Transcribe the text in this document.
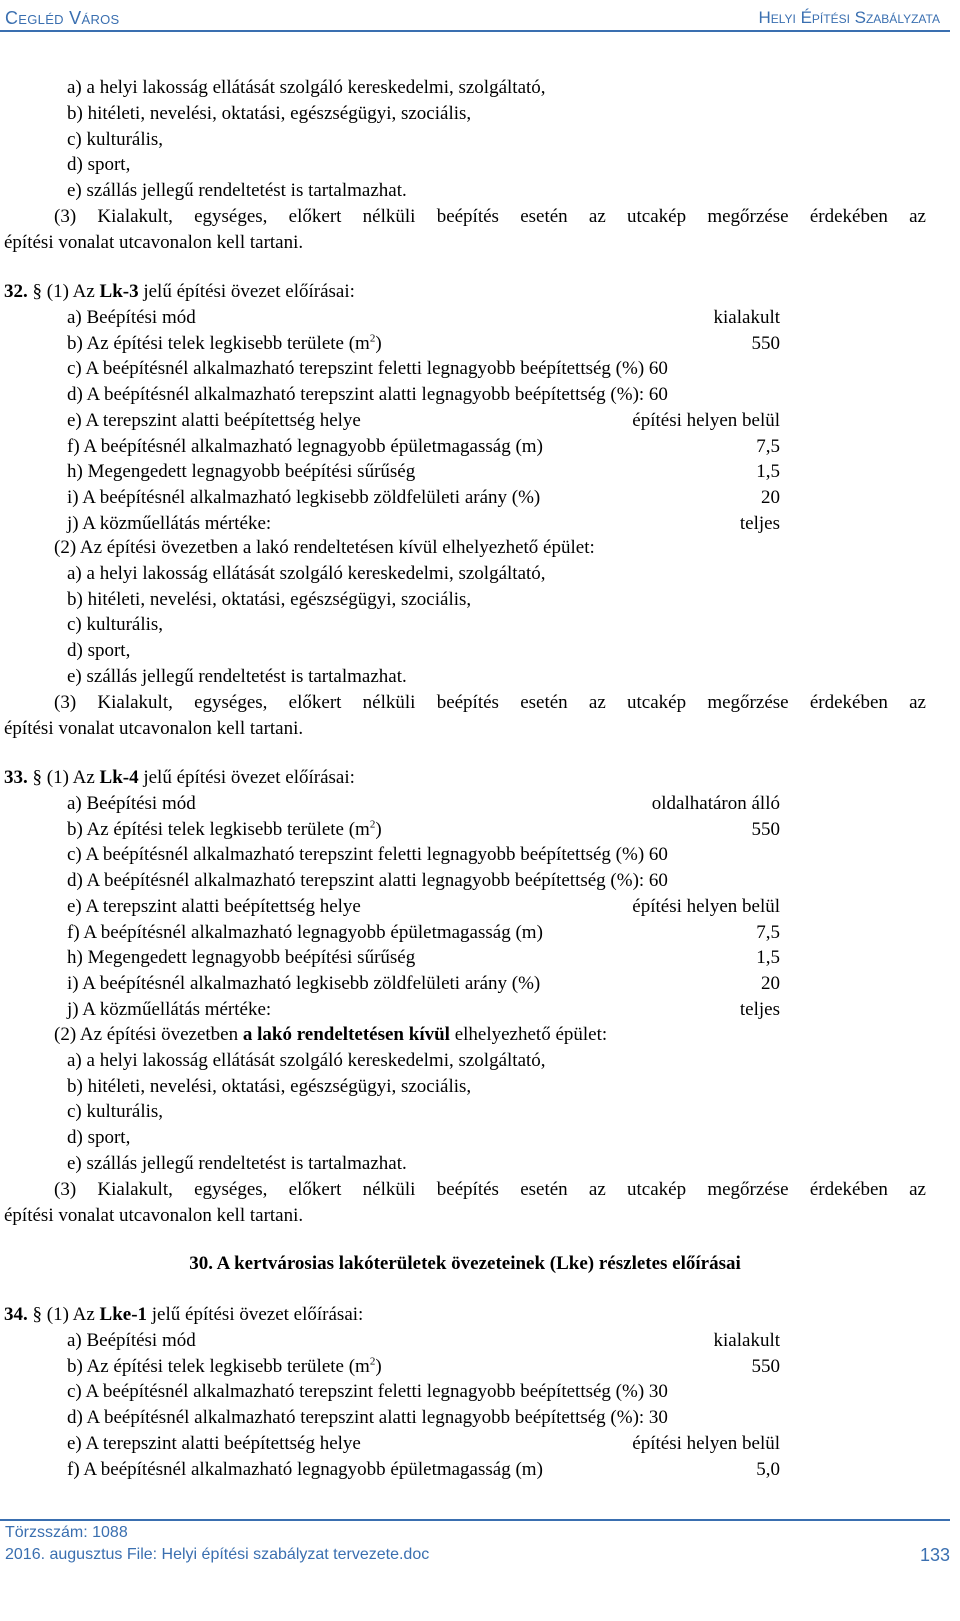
Cegléd Város	Helyi Építési Szabályzata
a) a helyi lakosság ellátását szolgáló kereskedelmi, szolgáltató,
b) hitéleti, nevelési, oktatási, egészségügyi, szociális,
c) kulturális,
d) sport,
e) szállás jellegű rendeltetést is tartalmazhat.
(3) Kialakult, egységes, előkert nélküli beépítés esetén az utcakép megőrzése érdekében az
építési vonalat utcavonalon kell tartani.
32. § (1) Az Lk-3 jelű építési övezet előírásai:
a) Beépítési mód	kialakult
b) Az építési telek legkisebb területe $(m^2)$	550
c) A beépítésnél alkalmazható terepszint feletti legnagyobb beépítettség (%) 60
d) A beépítésnél alkalmazható terepszint alatti legnagyobb beépítettség (%): 60
e) A terepszint alatti beépítettség helye	építési helyen belül
f) A beépítésnél alkalmazható legnagyobb épületmagasság (m)	7,5
h) Megengedett legnagyobb beépítési sűrűség	1,5
i) A beépítésnél alkalmazható legkisebb zöldfelületi arány (%)	20
j) A közműellátás mértéke:	teljes
(2) Az építési övezetben a lakó rendeltetésen kívül elhelyezhető épület:
a) a helyi lakosság ellátását szolgáló kereskedelmi, szolgáltató,
b) hitéleti, nevelési, oktatási, egészségügyi, szociális,
c) kulturális,
d) sport,
e) szállás jellegű rendeltetést is tartalmazhat.
(3) Kialakult, egységes, előkert nélküli beépítés esetén az utcakép megőrzése érdekében az
építési vonalat utcavonalon kell tartani.
33. § (1) Az Lk-4 jelű építési övezet előírásai:
a) Beépítési mód	oldalhatáron álló
b) Az építési telek legkisebb területe $(m^2)$	550
c) A beépítésnél alkalmazható terepszint feletti legnagyobb beépítettség (%) 60
d) A beépítésnél alkalmazható terepszint alatti legnagyobb beépítettség (%): 60
e) A terepszint alatti beépítettség helye	építési helyen belül
f) A beépítésnél alkalmazható legnagyobb épületmagasság (m)	7,5
h) Megengedett legnagyobb beépítési sűrűség	1,5
i) A beépítésnél alkalmazható legkisebb zöldfelületi arány (%)	20
j) A közműellátás mértéke:	teljes
(2) Az építési övezetben a lakó rendeltetésen kívül elhelyezhető épület:
a) a helyi lakosság ellátását szolgáló kereskedelmi, szolgáltató,
b) hitéleti, nevelési, oktatási, egészségügyi, szociális,
c) kulturális,
d) sport,
e) szállás jellegű rendeltetést is tartalmazhat.
(3) Kialakult, egységes, előkert nélküli beépítés esetén az utcakép megőrzése érdekében az
építési vonalat utcavonalon kell tartani.
30. A kertvárosias lakóterületek övezeteinek (Lke) részletes előírásai
34. § (1) Az Lke-1 jelű építési övezet előírásai:
a) Beépítési mód	kialakult
b) Az építési telek legkisebb területe $(m^2)$	550
c) A beépítésnél alkalmazható terepszint feletti legnagyobb beépítettség (%) 30
d) A beépítésnél alkalmazható terepszint alatti legnagyobb beépítettség (%): 30
e) A terepszint alatti beépítettség helye	építési helyen belül
f) A beépítésnél alkalmazható legnagyobb épületmagasság (m)	5,0
Törzsszám: 1088
2016. augusztus File: Helyi építési szabályzat tervezete.doc	133
